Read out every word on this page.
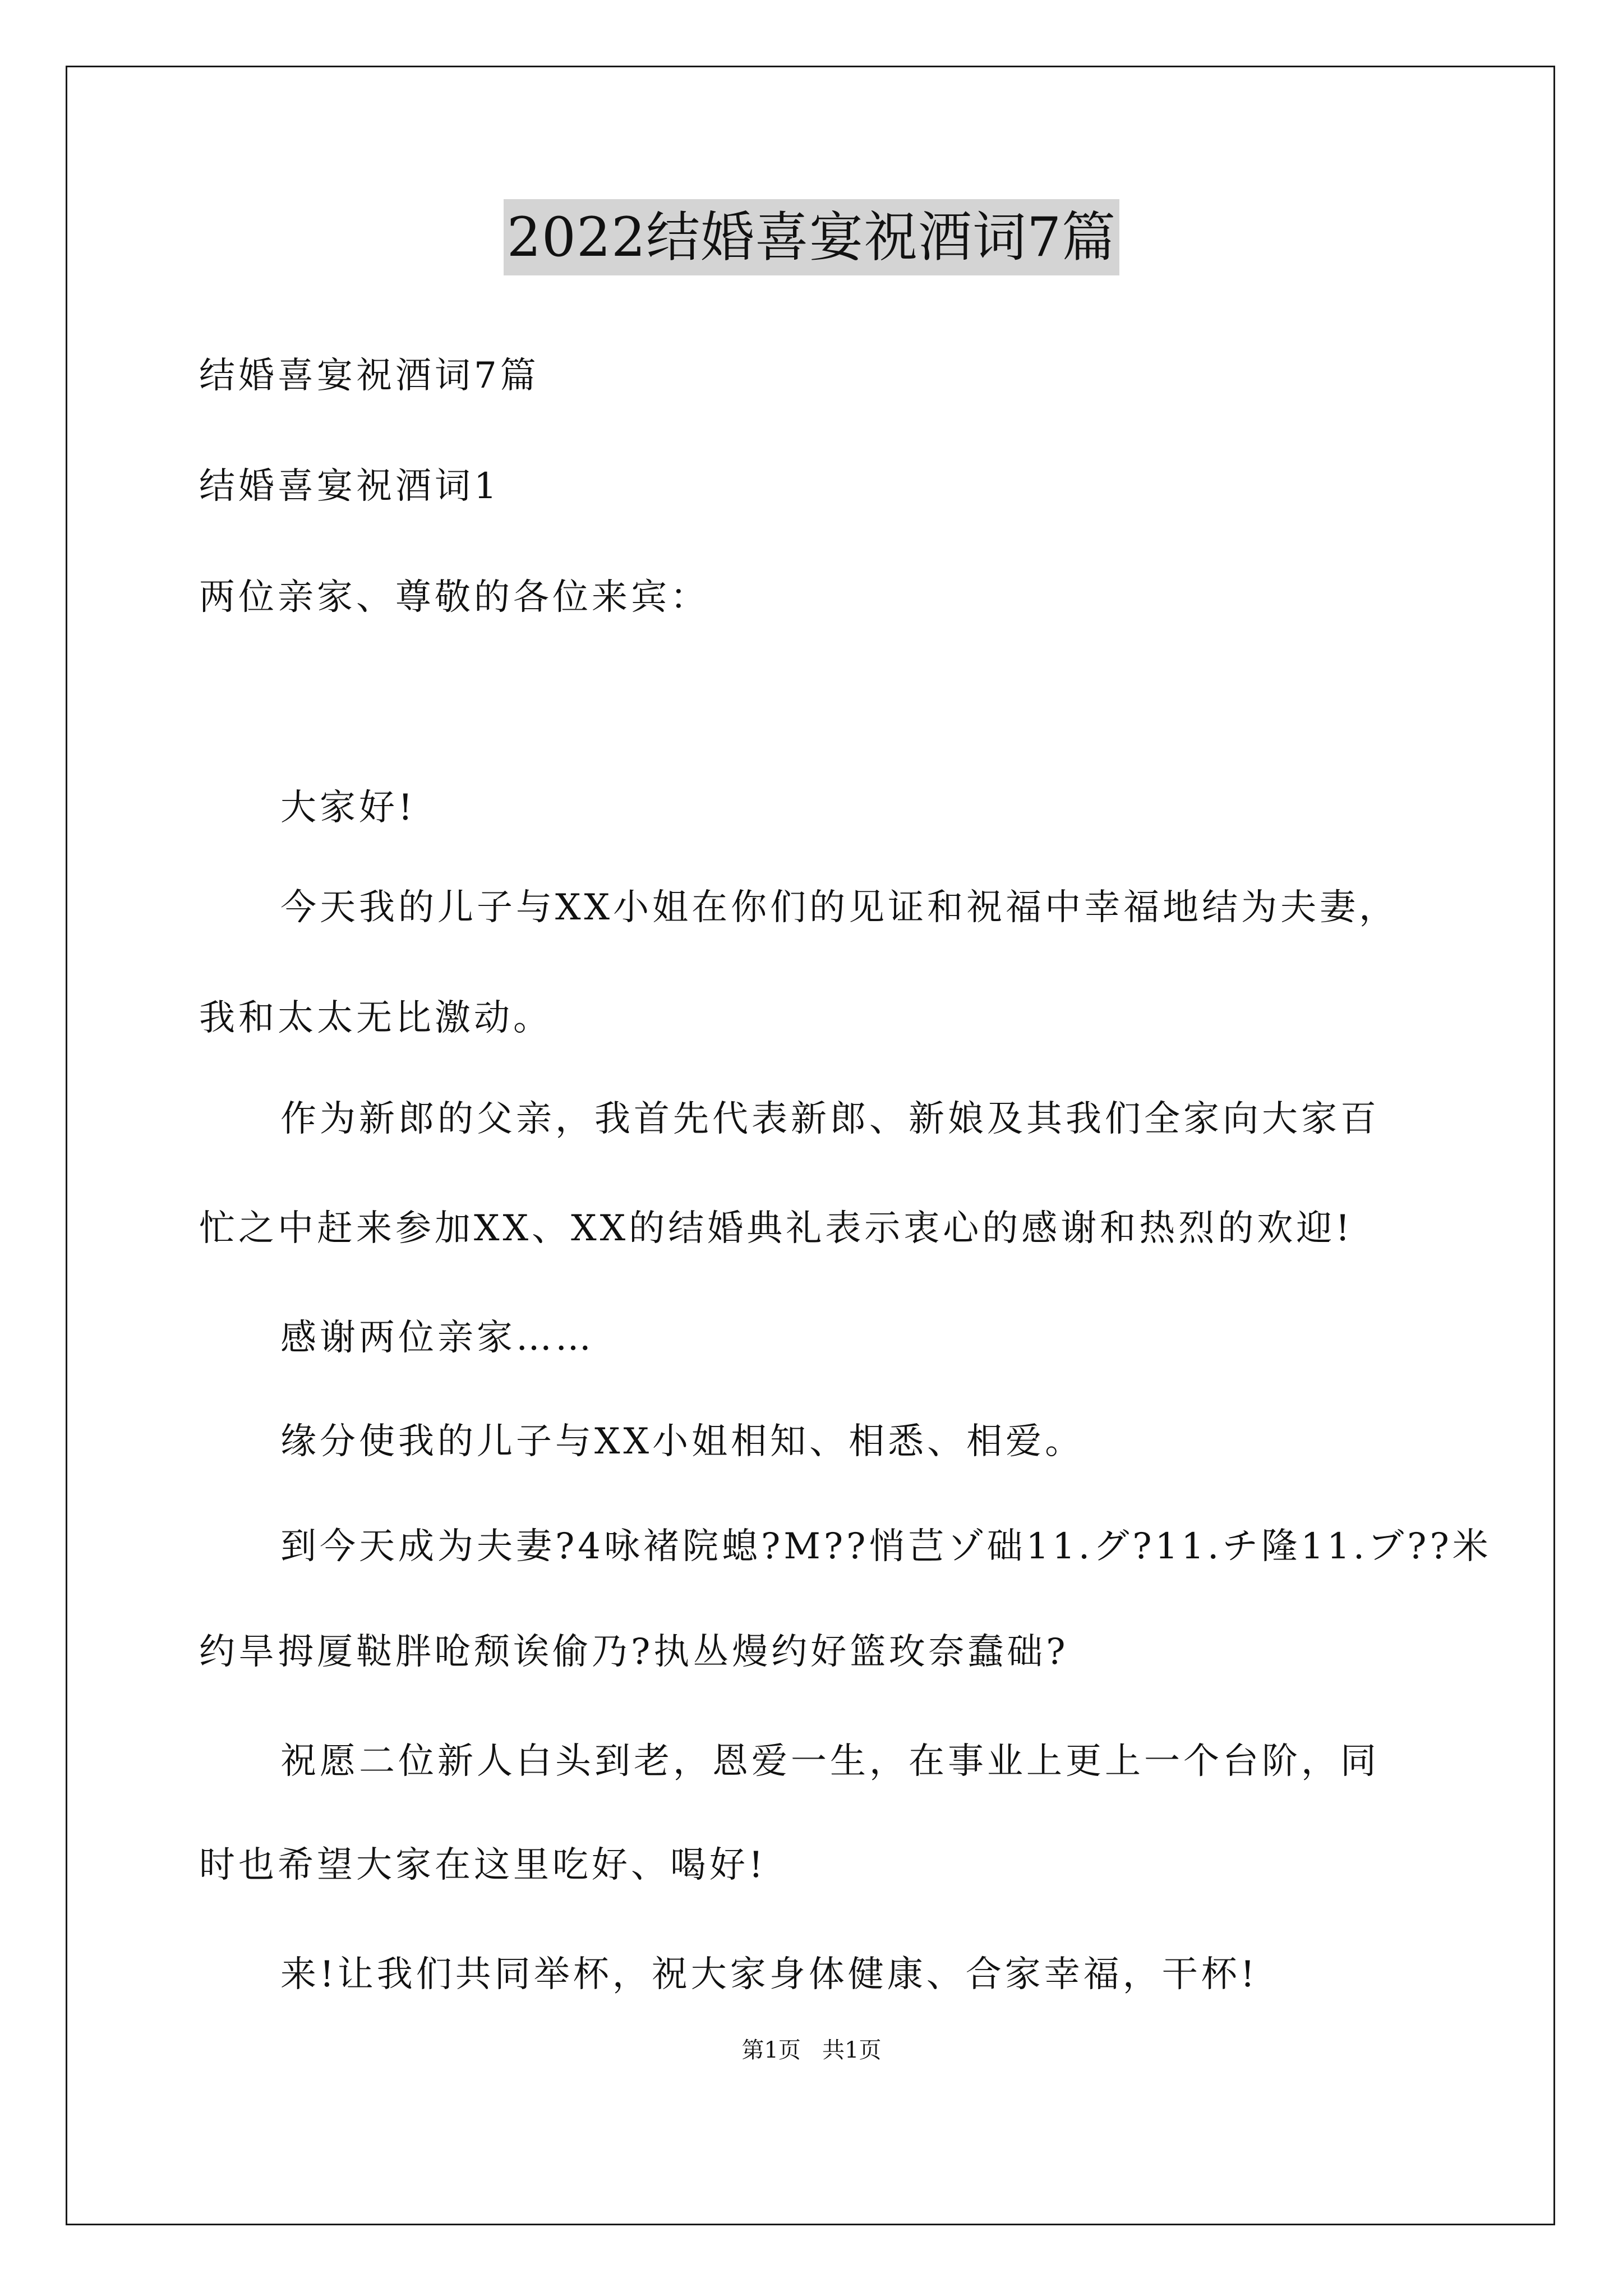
2022结婚喜宴祝酒词7篇
结婚喜宴祝酒词7篇
结婚喜宴祝酒词1
两位亲家、尊敬的各位来宾：
大家好!
今天我的儿子与XX小姐在你们的见证和祝福中幸福地结为夫妻，
我和太太无比激动。
作为新郎的父亲，我首先代表新郎、新娘及其我们全家向大家百
忙之中赶来参加XX、XX的结婚典礼表示衷心的感谢和热烈的欢迎!
感谢两位亲家……
缘分使我的儿子与XX小姐相知、相悉、相爱。
到今天成为夫妻?4咏褚院螅?M??悄芑ゾ础11.グ?11.チ隆11.ブ??米
约旱拇厦鞑胖呛颓诶偷乃?执丛熳约好篮玫奈蠢础?
祝愿二位新人白头到老，恩爱一生，在事业上更上一个台阶，同
时也希望大家在这里吃好、喝好!
来!让我们共同举杯，祝大家身体健康、合家幸福，干杯!
第1页   共1页
